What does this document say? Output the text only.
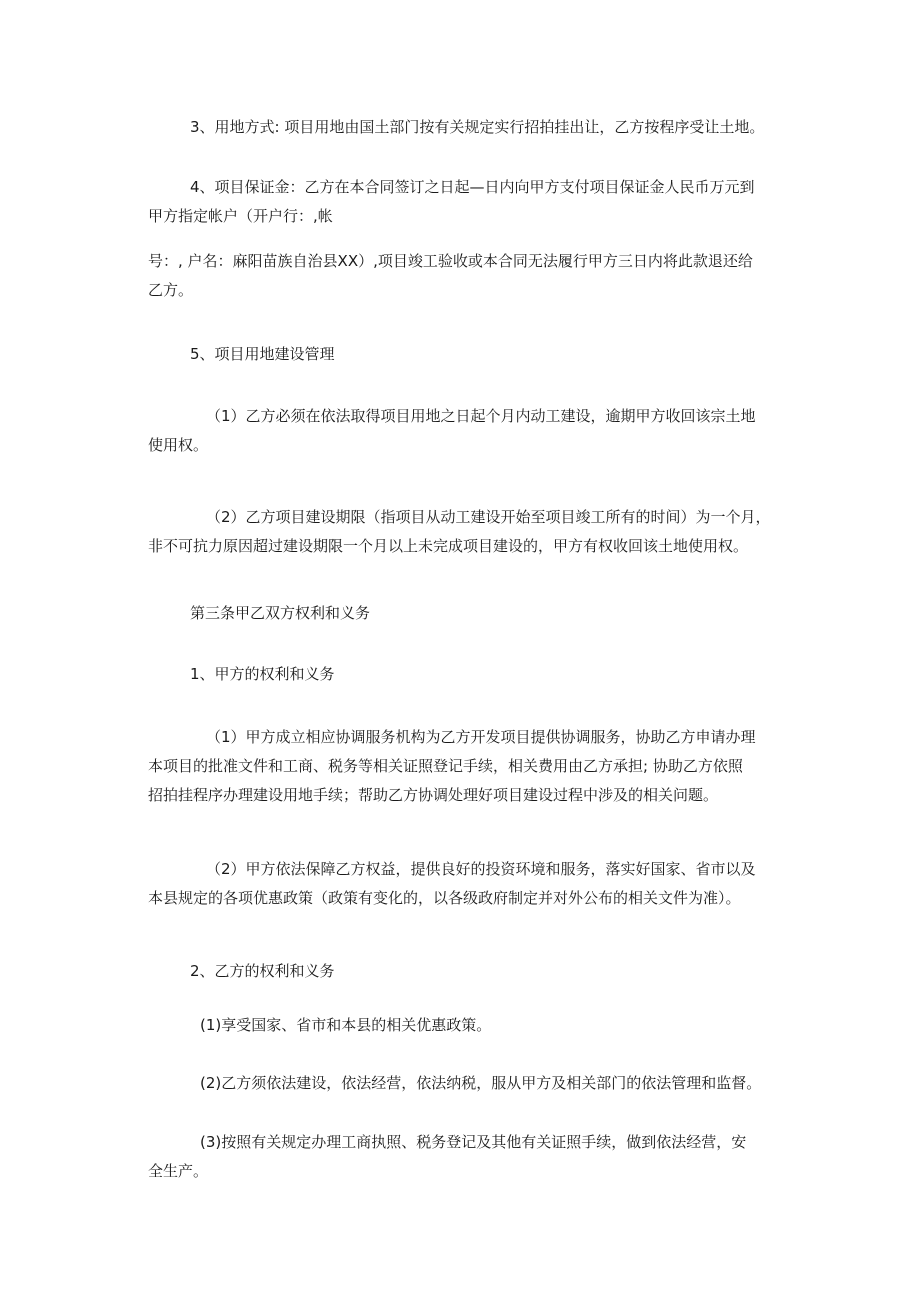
3、用地方式: 项目用地由国土部门按有关规定实行招拍挂出让，乙方按程序受让土地。

4、项目保证金：乙方在本合同签订之日起—日内向甲方支付项目保证金人民币万元到
甲方指定帐户（开户行：,帐

号：, 户名：麻阳苗族自治县XX）,项目竣工验收或本合同无法履行甲方三日内将此款退还给
乙方。

5、项目用地建设管理

（1）乙方必须在依法取得项目用地之日起个月内动工建设，逾期甲方收回该宗土地
使用权。

（2）乙方项目建设期限（指项目从动工建设开始至项目竣工所有的时间）为一个月，
非不可抗力原因超过建设期限一个月以上未完成项目建设的，甲方有权收回该土地使用权。

第三条甲乙双方权利和义务

1、甲方的权利和义务

（1）甲方成立相应协调服务机构为乙方开发项目提供协调服务，协助乙方申请办理
本项目的批准文件和工商、税务等相关证照登记手续，相关费用由乙方承担; 协助乙方依照
招拍挂程序办理建设用地手续；帮助乙方协调处理好项目建设过程中涉及的相关问题。

（2）甲方依法保障乙方权益，提供良好的投资环境和服务，落实好国家、省市以及
本县规定的各项优惠政策（政策有变化的，以各级政府制定并对外公布的相关文件为准）。

2、乙方的权利和义务

(1)享受国家、省市和本县的相关优惠政策。

(2)乙方须依法建设，依法经营，依法纳税，服从甲方及相关部门的依法管理和监督。

(3)按照有关规定办理工商执照、税务登记及其他有关证照手续，做到依法经营，安
全生产。
